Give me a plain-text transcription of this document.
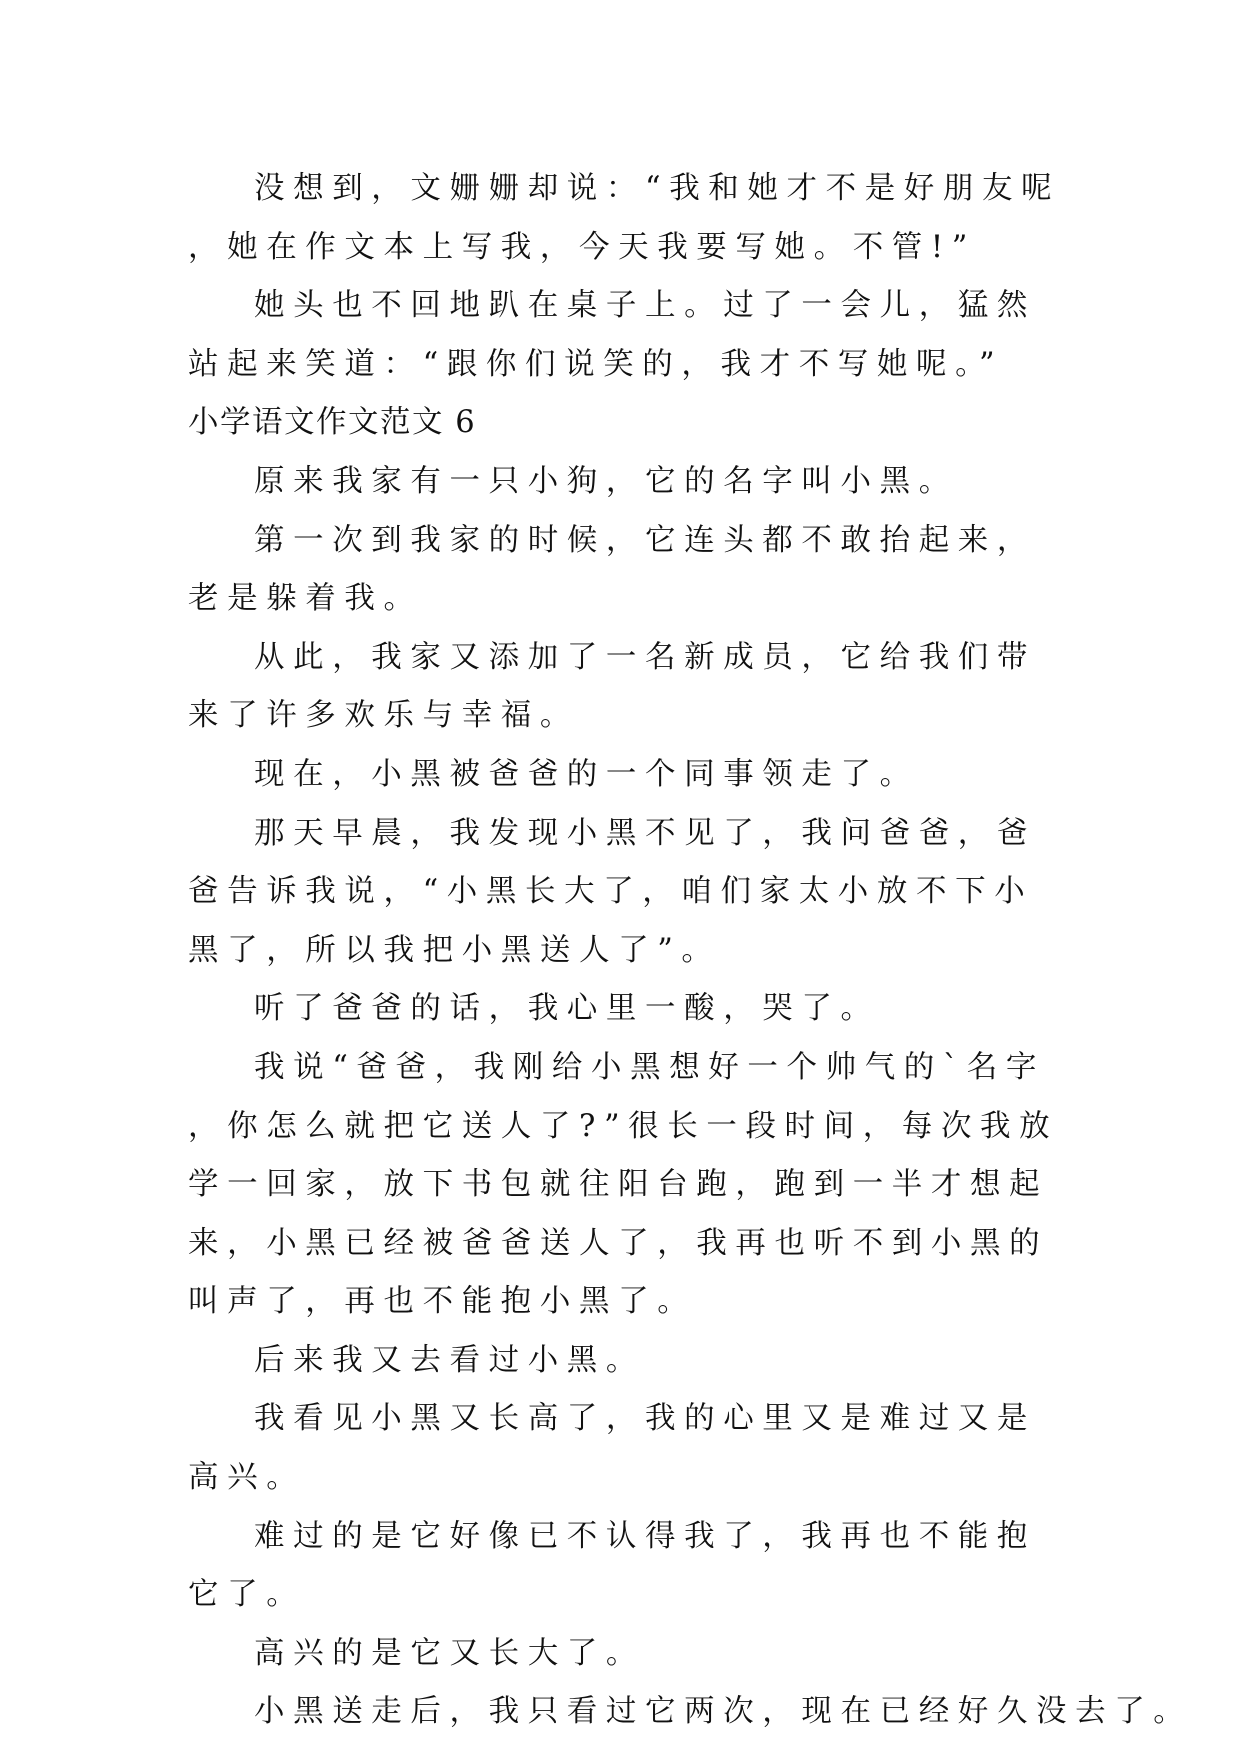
没想到，文姗姗却说：“我和她才不是好朋友呢，她在作文本上写我，今天我要写她。不管!”

她头也不回地趴在桌子上。过了一会儿，猛然站起来笑道：“跟你们说笑的，我才不写她呢。”

小学语文作文范文 6

原来我家有一只小狗，它的名字叫小黑。

第一次到我家的时候，它连头都不敢抬起来，老是躲着我。

从此，我家又添加了一名新成员，它给我们带来了许多欢乐与幸福。

现在，小黑被爸爸的一个同事领走了。

那天早晨，我发现小黑不见了，我问爸爸，爸爸告诉我说，“小黑长大了，咱们家太小放不下小黑了，所以我把小黑送人了”。

听了爸爸的话，我心里一酸，哭了。

我说“爸爸，我刚给小黑想好一个帅气的`名字，你怎么就把它送人了?”很长一段时间，每次我放学一回家，放下书包就往阳台跑，跑到一半才想起来，小黑已经被爸爸送人了，我再也听不到小黑的叫声了，再也不能抱小黑了。

后来我又去看过小黑。

我看见小黑又长高了，我的心里又是难过又是高兴。

难过的是它好像已不认得我了，我再也不能抱它了。

高兴的是它又长大了。

小黑送走后，我只看过它两次，现在已经好久没去了。
